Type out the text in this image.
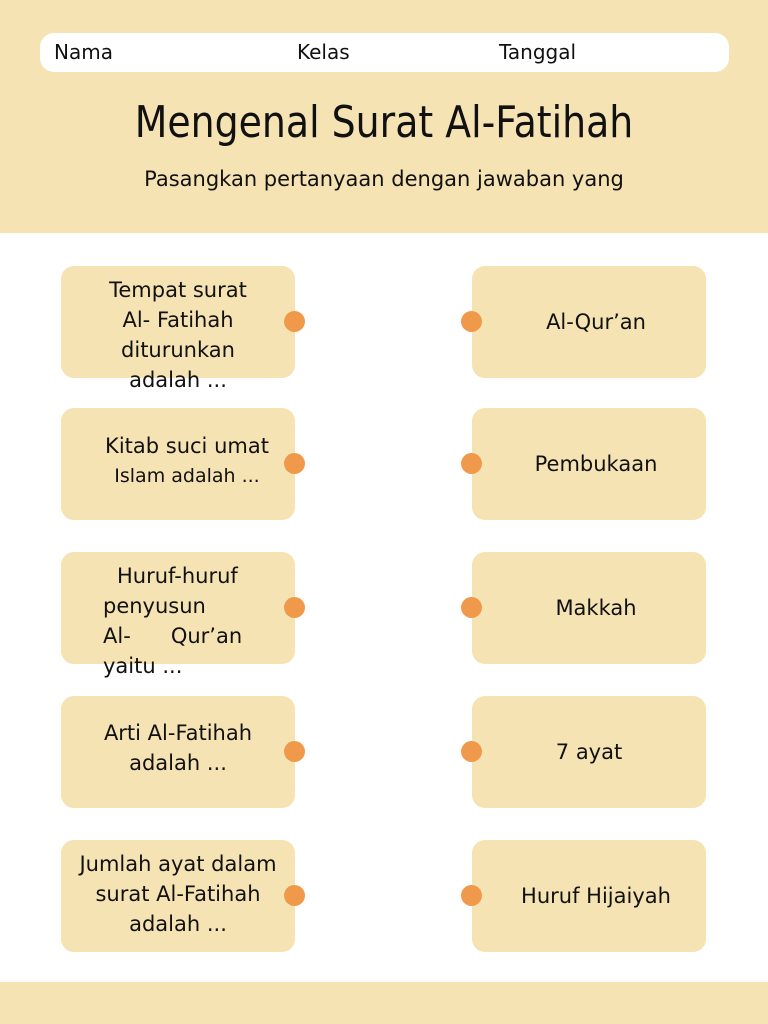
Nama	Kelas	Tanggal
Mengenal Surat Al-Fatihah
Pasangkan pertanyaan dengan jawaban yang
Tempat surat
Al- Fatihah
diturunkan
adalah ...
Kitab suci umat
Islam adalah ...
Huruf-huruf
penyusun
Al-      Qur’an
yaitu ...
Arti Al-Fatihah
adalah ...
Jumlah ayat dalam
surat Al-Fatihah
adalah ...
Al-Qur’an
Pembukaan
Makkah
7 ayat
Huruf Hijaiyah
